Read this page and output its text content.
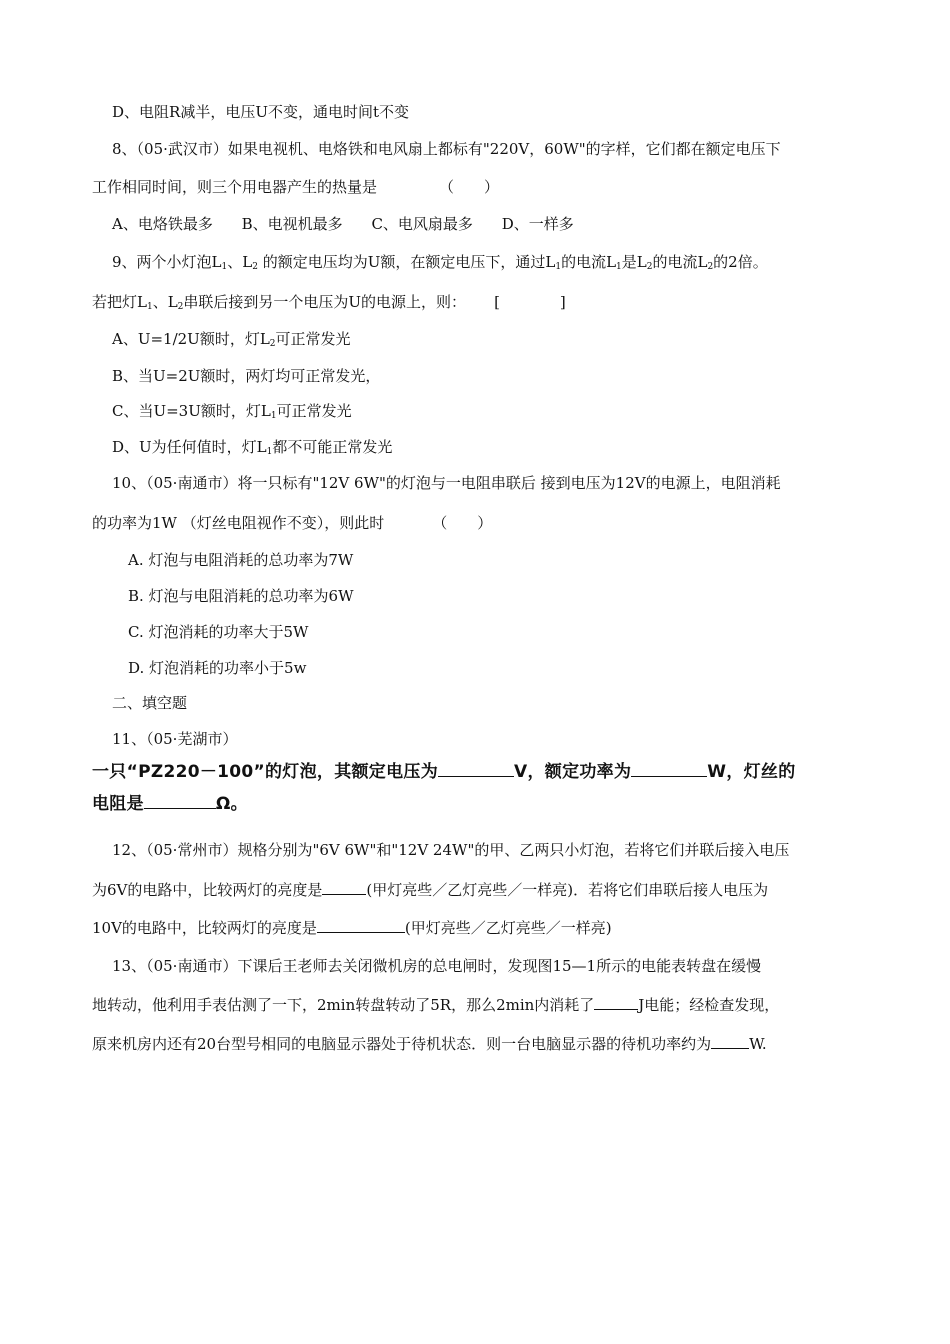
D、电阻R减半，电压U不变，通电时间t不变
8、（05·武汉市）如果电视机、电烙铁和电风扇上都标有"220V，60W"的字样，它们都在额定电压下
工作相同时间，则三个用电器产生的热量是	（　　）
A、电烙铁最多 B、电视机最多 C、电风扇最多 D、一样多
9、两个小灯泡$L_1$、$L_2$ 的额定电压均为U额，在额定电压下，通过$L_1$的电流$L_1$是$L_2$的电流$L_2$的2倍。
若把灯$L_1$、$L_2$串联后接到另一个电压为U的电源上，则： [　　　　]
A、U=1/2U额时，灯$L_2$可正常发光
B、当U=2U额时，两灯均可正常发光，
C、当U=3U额时，灯$L_1$可正常发光
D、U为任何值时，灯$L_1$都不可能正常发光
10、（05·南通市）将一只标有"12V 6W"的灯泡与一电阻串联后 接到电压为12V的电源上，电阻消耗
的功率为1W （灯丝电阻视作不变），则此时	（　　）
A. 灯泡与电阻消耗的总功率为7W
B. 灯泡与电阻消耗的总功率为6W
C. 灯泡消耗的功率大于5W
D. 灯泡消耗的功率小于5w
二、填空题
11、（05·芜湖市）
一只“PZ220－100”的灯泡，其额定电压为	V，额定功率为	W，灯丝的
电阻是	Ω。
12、（05·常州市）规格分别为"6V 6W"和"12V 24W"的甲、乙两只小灯泡，若将它们并联后接入电压
为6V的电路中，比较两灯的亮度是	(甲灯亮些／乙灯亮些／一样亮)．若将它们串联后接人电压为
10V的电路中，比较两灯的亮度是	(甲灯亮些／乙灯亮些／一样亮)
13、（05·南通市）下课后王老师去关闭微机房的总电闸时，发现图15—1所示的电能表转盘在缓慢
地转动，他利用手表估测了一下，2min转盘转动了5R，那么2min内消耗了	J电能；经检查发现，
原来机房内还有20台型号相同的电脑显示器处于待机状态．则一台电脑显示器的待机功率约为	W.
